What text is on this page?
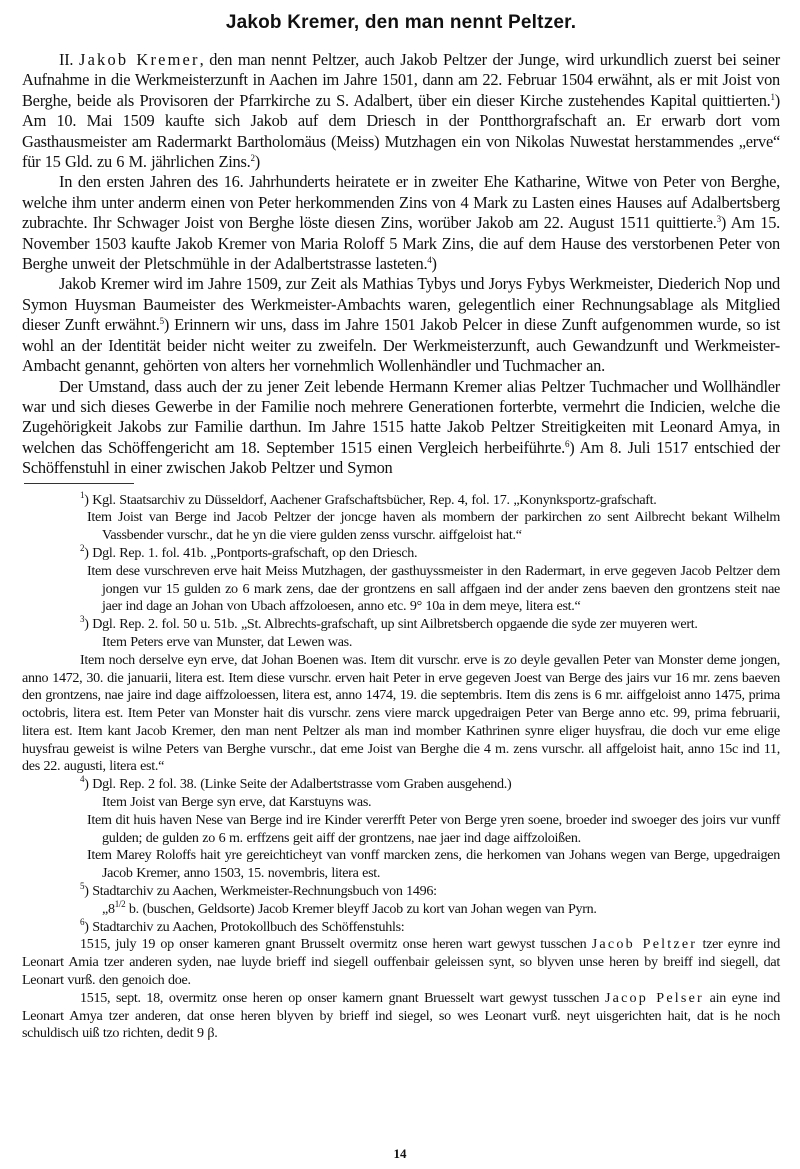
Jakob Kremer, den man nennt Peltzer.

II. Jakob Kremer, den man nennt Peltzer, auch Jakob Peltzer der Junge, wird urkundlich zuerst bei seiner Aufnahme in die Werkmeisterzunft in Aachen im Jahre 1501, dann am 22. Februar 1504 erwähnt, als er mit Joist von Berghe, beide als Provisoren der Pfarrkirche zu S. Adalbert, über ein dieser Kirche zustehendes Kapital quittierten.$^1$) Am 10. Mai 1509 kaufte sich Jakob auf dem Driesch in der Pontthorgrafschaft an. Er erwarb dort vom Gasthausmeister am Radermarkt Bartholomäus (Meiss) Mutzhagen ein von Nikolas Nuwestat herstammendes „erve“ für 15 Gld. zu 6 M. jährlichen Zins.$^2$)

In den ersten Jahren des 16. Jahrhunderts heiratete er in zweiter Ehe Katharine, Witwe von Peter von Berghe, welche ihm unter anderm einen von Peter herkommenden Zins von 4 Mark zu Lasten eines Hauses auf Adalbertsberg zubrachte. Ihr Schwager Joist von Berghe löste diesen Zins, worüber Jakob am 22. August 1511 quittierte.$^3$) Am 15. November 1503 kaufte Jakob Kremer von Maria Roloff 5 Mark Zins, die auf dem Hause des verstorbenen Peter von Berghe unweit der Pletschmühle in der Adalbertstrasse lasteten.$^4$)

Jakob Kremer wird im Jahre 1509, zur Zeit als Mathias Tybys und Jorys Fybys Werkmeister, Diederich Nop und Symon Huysman Baumeister des Werkmeister-Ambachts waren, gelegentlich einer Rechnungsablage als Mitglied dieser Zunft erwähnt.$^5$) Erinnern wir uns, dass im Jahre 1501 Jakob Pelcer in diese Zunft aufgenommen wurde, so ist wohl an der Identität beider nicht weiter zu zweifeln. Der Werkmeisterzunft, auch Gewandzunft und Werkmeister-Ambacht genannt, gehörten von alters her vornehmlich Wollenhändler und Tuchmacher an.

Der Umstand, dass auch der zu jener Zeit lebende Hermann Kremer alias Peltzer Tuchmacher und Wollhändler war und sich dieses Gewerbe in der Familie noch mehrere Generationen forterbte, vermehrt die Indicien, welche die Zugehörigkeit Jakobs zur Familie darthun. Im Jahre 1515 hatte Jakob Peltzer Streitigkeiten mit Leonard Amya, in welchen das Schöffengericht am 18. September 1515 einen Vergleich herbeiführte.$^6$) Am 8. Juli 1517 entschied der Schöffenstuhl in einer zwischen Jakob Peltzer und Symon

$^1$) Kgl. Staatsarchiv zu Düsseldorf, Aachener Grafschaftsbücher, Rep. 4, fol. 17. „Konynksportz-grafschaft.

Item Joist van Berge ind Jacob Peltzer der joncge haven als mombern der parkirchen zo sent Ailbrecht bekant Wilhelm Vassbender vurschr., dat he yn die viere gulden zenss vurschr. aiffgeloist hat.“

$^2$) Dgl. Rep. 1. fol. 41b. „Pontports-grafschaft, op den Driesch.

Item dese vurschreven erve hait Meiss Mutzhagen, der gasthuyssmeister in den Radermart, in erve gegeven Jacob Peltzer dem jongen vur 15 gulden zo 6 mark zens, dae der grontzens en sall affgaen ind der ander zens baeven den grontzens steit nae jaer ind dage an Johan von Ubach affzoloesen, anno etc. 9° 10a in dem meye, litera est.“

$^3$) Dgl. Rep. 2. fol. 50 u. 51b. „St. Albrechts-grafschaft, up sint Ailbretsberch opgaende die syde zer muyeren wert.

Item Peters erve van Munster, dat Lewen was.

Item noch derselve eyn erve, dat Johan Boenen was. Item dit vurschr. erve is zo deyle gevallen Peter van Monster deme jongen, anno 1472, 30. die januarii, litera est. Item diese vurschr. erven hait Peter in erve gegeven Joest van Berge des jairs vur 16 mr. zens baeven den grontzens, nae jaire ind dage aiffzoloessen, litera est, anno 1474, 19. die septembris. Item dis zens is 6 mr. aiffgeloist anno 1475, prima octobris, litera est. Item Peter van Monster hait dis vurschr. zens viere marck upgedraigen Peter van Berge anno etc. 99, prima februarii, litera est. Item kant Jacob Kremer, den man nent Peltzer als man ind momber Kathrinen synre eliger huysfrau, die doch vur eme elige huysfrau geweist is wilne Peters van Berghe vurschr., dat eme Joist van Berghe die 4 m. zens vurschr. all affgeloist hait, anno 15c ind 11, des 22. augusti, litera est.“

$^4$) Dgl. Rep. 2 fol. 38. (Linke Seite der Adalbertstrasse vom Graben ausgehend.)

Item Joist van Berge syn erve, dat Karstuyns was.

Item dit huis haven Nese van Berge ind ire Kinder vererfft Peter von Berge yren soene, broeder ind swoeger des joirs vur vunff gulden; de gulden zo 6 m. erffzens geit aiff der grontzens, nae jaer ind dage aiffzoloißen.

Item Marey Roloffs hait yre gereichticheyt van vonff marcken zens, die herkomen van Johans wegen van Berge, upgedraigen Jacob Kremer, anno 1503, 15. novembris, litera est.

$^5$) Stadtarchiv zu Aachen, Werkmeister-Rechnungsbuch von 1496:

$„8^{1/2}$ b. (buschen, Geldsorte) Jacob Kremer bleyff Jacob zu kort van Johan wegen van Pyrn.

$^6$) Stadtarchiv zu Aachen, Protokollbuch des Schöffenstuhls:

1515, july 19 op onser kameren gnant Brusselt overmitz onse heren wart gewyst tusschen Jacob Peltzer tzer eynre ind Leonart Amia tzer anderen syden, nae luyde brieff ind siegell ouffenbair geleissen synt, so blyven unse heren by breiff ind siegell, dat Leonart vurß. den genoich doe.

1515, sept. 18, overmitz onse heren op onser kamern gnant Bruesselt wart gewyst tusschen Jacop Pelser ain eyne ind Leonart Amya tzer anderen, dat onse heren blyven by brieff ind siegel, so wes Leonart vurß. neyt uisgerichten hait, dat is he noch schuldisch uiß tzo richten, dedit 9 β.

14
